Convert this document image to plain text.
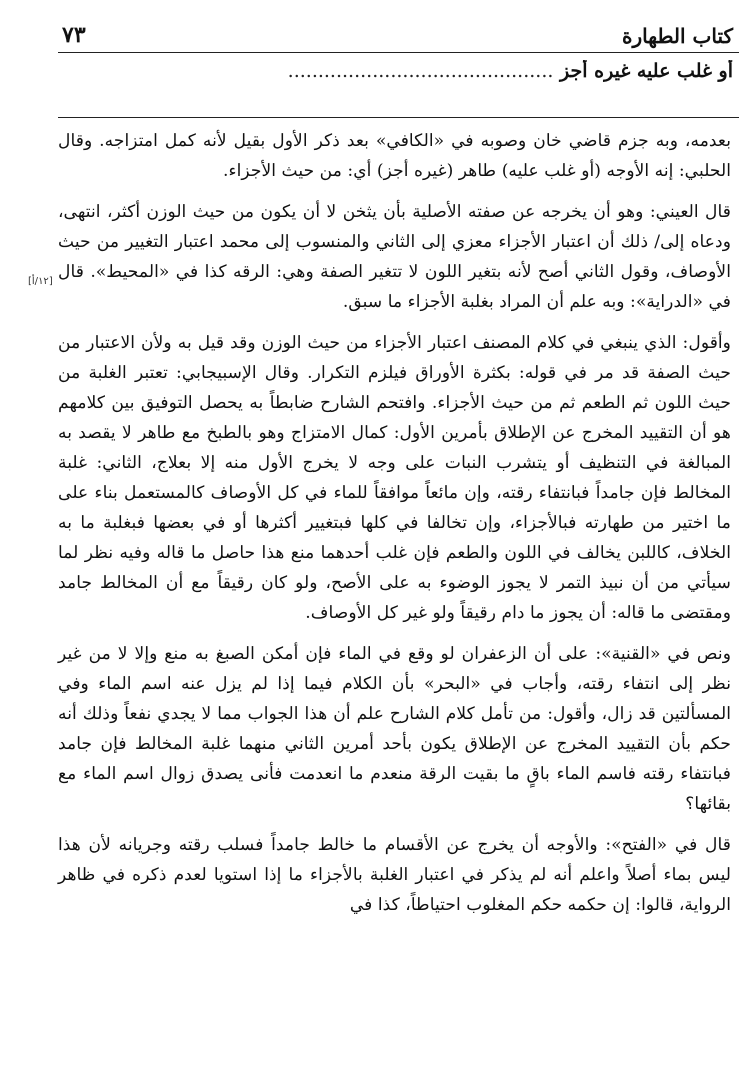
كتاب الطهارة
٧٣
أو غلب عليه غيره أجز ............................................
[١٢/أ]

بعدمه، وبه جزم قاضي خان وصوبه في «الكافي» بعد ذكر الأول بقيل لأنه كمل امتزاجه. وقال الحلبي: إنه الأوجه (أو غلب عليه) طاهر (غيره أجز) أي: من حيث الأجزاء.

قال العيني: وهو أن يخرجه عن صفته الأصلية بأن يثخن لا أن يكون من حيث الوزن أكثر، انتهى، ودعاه إلى/ ذلك أن اعتبار الأجزاء معزي إلى الثاني والمنسوب إلى محمد اعتبار التغيير من حيث الأوصاف، وقول الثاني أصح لأنه بتغير اللون لا تتغير الصفة وهي: الرقه كذا في «المحيط». قال في «الدراية»: وبه علم أن المراد بغلبة الأجزاء ما سبق.

وأقول: الذي ينبغي في كلام المصنف اعتبار الأجزاء من حيث الوزن وقد قيل به ولأن الاعتبار من حيث الصفة قد مر في قوله: بكثرة الأوراق فيلزم التكرار. وقال الإسبيجابي: تعتبر الغلبة من حيث اللون ثم الطعم ثم من حيث الأجزاء. وافتحم الشارح ضابطاً به يحصل التوفيق بين كلامهم هو أن التقييد المخرج عن الإطلاق بأمرين الأول: كمال الامتزاج وهو بالطبخ مع طاهر لا يقصد به المبالغة في التنظيف أو يتشرب النبات على وجه لا يخرج الأول منه إلا بعلاج، الثاني: غلبة المخالط فإن جامداً فبانتفاء رقته، وإن مائعاً موافقاً للماء في كل الأوصاف كالمستعمل بناء على ما اختير من طهارته فبالأجزاء، وإن تخالفا في كلها فبتغيير أكثرها أو في بعضها فبغلبة ما به الخلاف، كاللبن يخالف في اللون والطعم فإن غلب أحدهما منع هذا حاصل ما قاله وفيه نظر لما سيأتي من أن نبيذ التمر لا يجوز الوضوء به على الأصح، ولو كان رقيقاً مع أن المخالط جامد ومقتضى ما قاله: أن يجوز ما دام رقيقاً ولو غير كل الأوصاف.

ونص في «القنية»: على أن الزعفران لو وقع في الماء فإن أمكن الصبغ به منع وإلا لا من غير نظر إلى انتفاء رقته، وأجاب في «البحر» بأن الكلام فيما إذا لم يزل عنه اسم الماء وفي المسألتين قد زال، وأقول: من تأمل كلام الشارح علم أن هذا الجواب مما لا يجدي نفعاً وذلك أنه حكم بأن التقييد المخرج عن الإطلاق يكون بأحد أمرين الثاني منهما غلبة المخالط فإن جامد فبانتفاء رقته فاسم الماء باقٍ ما بقيت الرقة منعدم ما انعدمت فأنى يصدق زوال اسم الماء مع بقائها؟

قال في «الفتح»: والأوجه أن يخرج عن الأقسام ما خالط جامداً فسلب رقته وجريانه لأن هذا ليس بماء أصلاً واعلم أنه لم يذكر في اعتبار الغلبة بالأجزاء ما إذا استويا لعدم ذكره في ظاهر الرواية، قالوا: إن حكمه حكم المغلوب احتياطاً، كذا في
